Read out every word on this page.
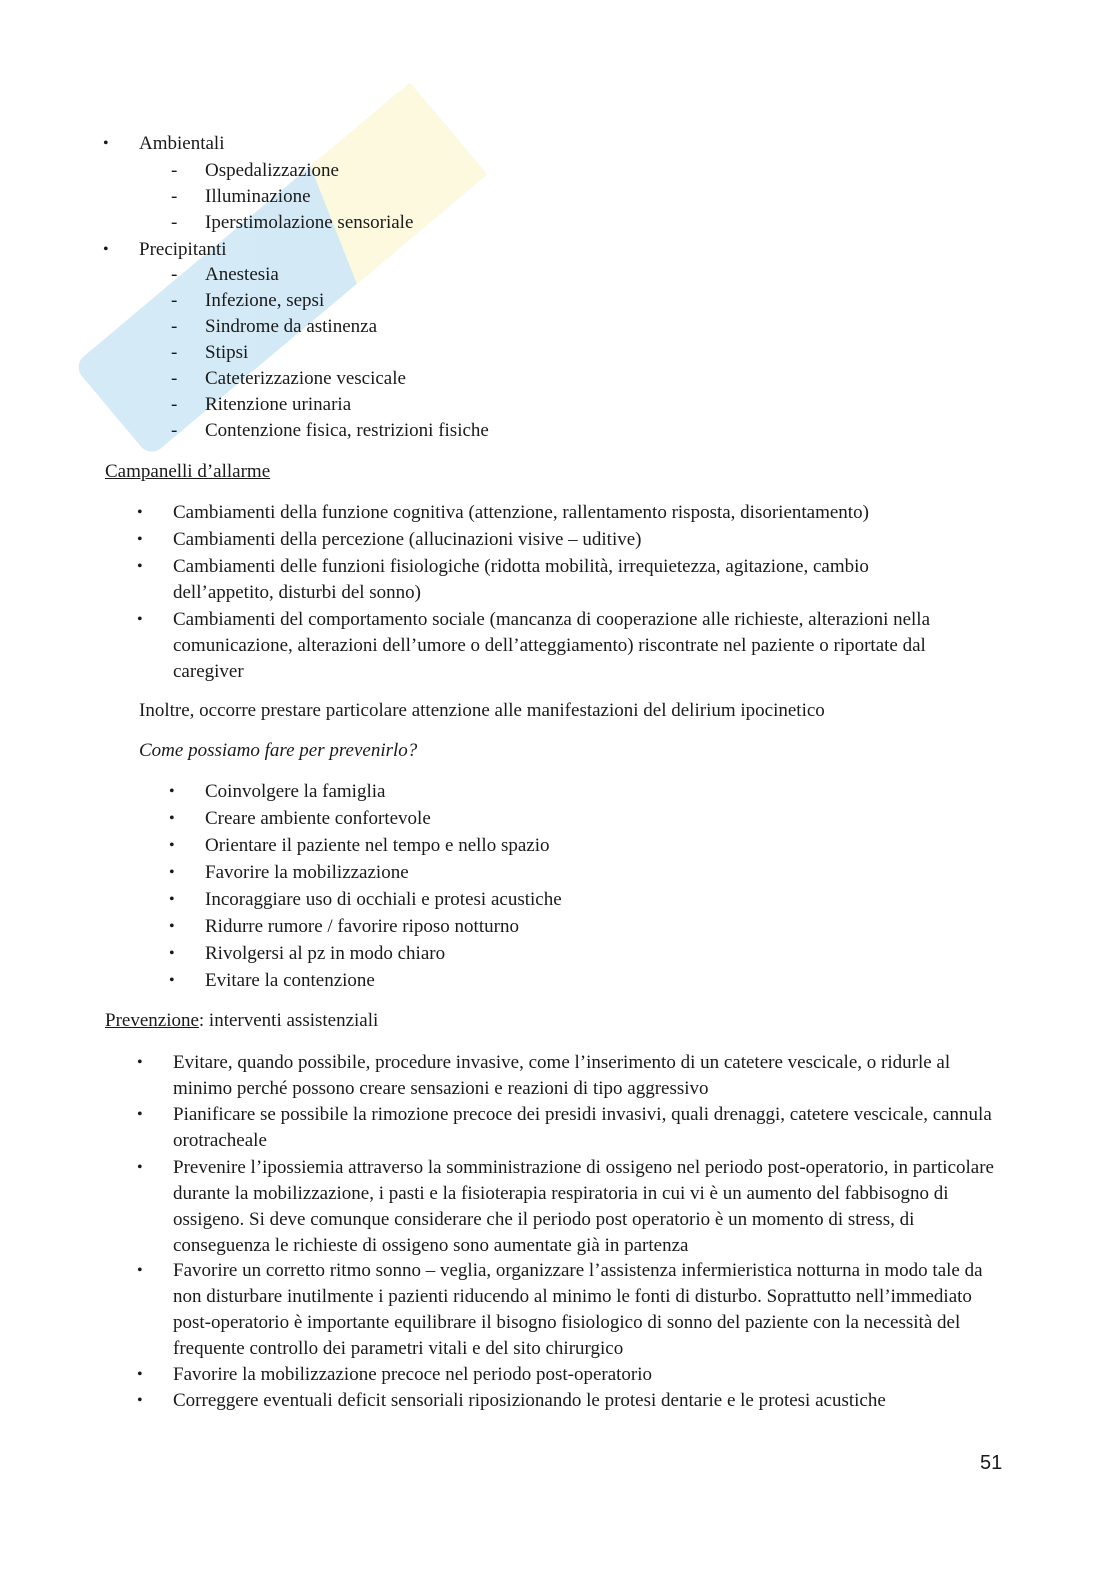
• Ambientali
- Ospedalizzazione
- Illuminazione
- Iperstimolazione sensoriale
• Precipitanti
- Anestesia
- Infezione, sepsi
- Sindrome da astinenza
- Stipsi
- Cateterizzazione vescicale
- Ritenzione urinaria
- Contenzione fisica, restrizioni fisiche
Campanelli d’allarme
• Cambiamenti della funzione cognitiva (attenzione, rallentamento risposta, disorientamento)
• Cambiamenti della percezione (allucinazioni visive – uditive)
• Cambiamenti delle funzioni fisiologiche (ridotta mobilità, irrequietezza, agitazione, cambio dell’appetito, disturbi del sonno)
• Cambiamenti del comportamento sociale (mancanza di cooperazione alle richieste, alterazioni nella comunicazione, alterazioni dell’umore o dell’atteggiamento) riscontrate nel paziente o riportate dal caregiver
Inoltre, occorre prestare particolare attenzione alle manifestazioni del delirium ipocinetico
Come possiamo fare per prevenirlo?
• Coinvolgere la famiglia
• Creare ambiente confortevole
• Orientare il paziente nel tempo e nello spazio
• Favorire la mobilizzazione
• Incoraggiare uso di occhiali e protesi acustiche
• Ridurre rumore / favorire riposo notturno
• Rivolgersi al pz in modo chiaro
• Evitare la contenzione
Prevenzione: interventi assistenziali
• Evitare, quando possibile, procedure invasive, come l’inserimento di un catetere vescicale, o ridurle al minimo perché possono creare sensazioni e reazioni di tipo aggressivo
• Pianificare se possibile la rimozione precoce dei presidi invasivi, quali drenaggi, catetere vescicale, cannula orotracheale
• Prevenire l’ipossiemia attraverso la somministrazione di ossigeno nel periodo post-operatorio, in particolare durante la mobilizzazione, i pasti e la fisioterapia respiratoria in cui vi è un aumento del fabbisogno di ossigeno. Si deve comunque considerare che il periodo post operatorio è un momento di stress, di conseguenza le richieste di ossigeno sono aumentate già in partenza
• Favorire un corretto ritmo sonno – veglia, organizzare l’assistenza infermieristica notturna in modo tale da non disturbare inutilmente i pazienti riducendo al minimo le fonti di disturbo. Soprattutto nell’immediato post-operatorio è importante equilibrare il bisogno fisiologico di sonno del paziente con la necessità del frequente controllo dei parametri vitali e del sito chirurgico
• Favorire la mobilizzazione precoce nel periodo post-operatorio
• Correggere eventuali deficit sensoriali riposizionando le protesi dentarie e le protesi acustiche
51
